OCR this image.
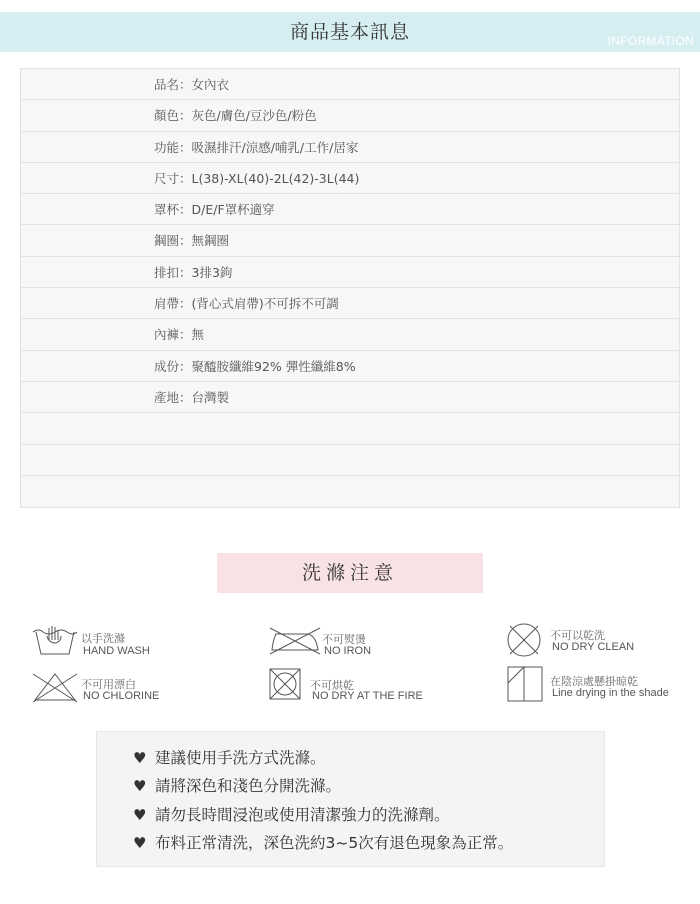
商品基本訊息	INFORMATION
品名：女內衣
顏色：灰色/膚色/豆沙色/粉色
功能：吸濕排汗/涼感/哺乳/工作/居家
尺寸：L(38)-XL(40)-2L(42)-3L(44)
罩杯：D/E/F罩杯適穿
鋼圈：無鋼圈
排扣：3排3鉤
肩帶：(背心式肩帶)不可拆不可調
內褲：無
成份：聚醯胺纖維92% 彈性纖維8%
產地：台灣製
洗滌注意
以手洗滌
HAND WASH
不可熨燙
NO IRON
不可以乾洗
NO DRY CLEAN
不可用漂白
NO CHLORINE
不可烘乾
NO DRY AT THE FIRE
在陰涼處懸掛晾乾
Line drying in the shade
♥ 建議使用手洗方式洗滌。
♥ 請將深色和淺色分開洗滌。
♥ 請勿長時間浸泡或使用清潔強力的洗滌劑。
♥ 布料正常清洗，深色洗約3~5次有退色現象為正常。
